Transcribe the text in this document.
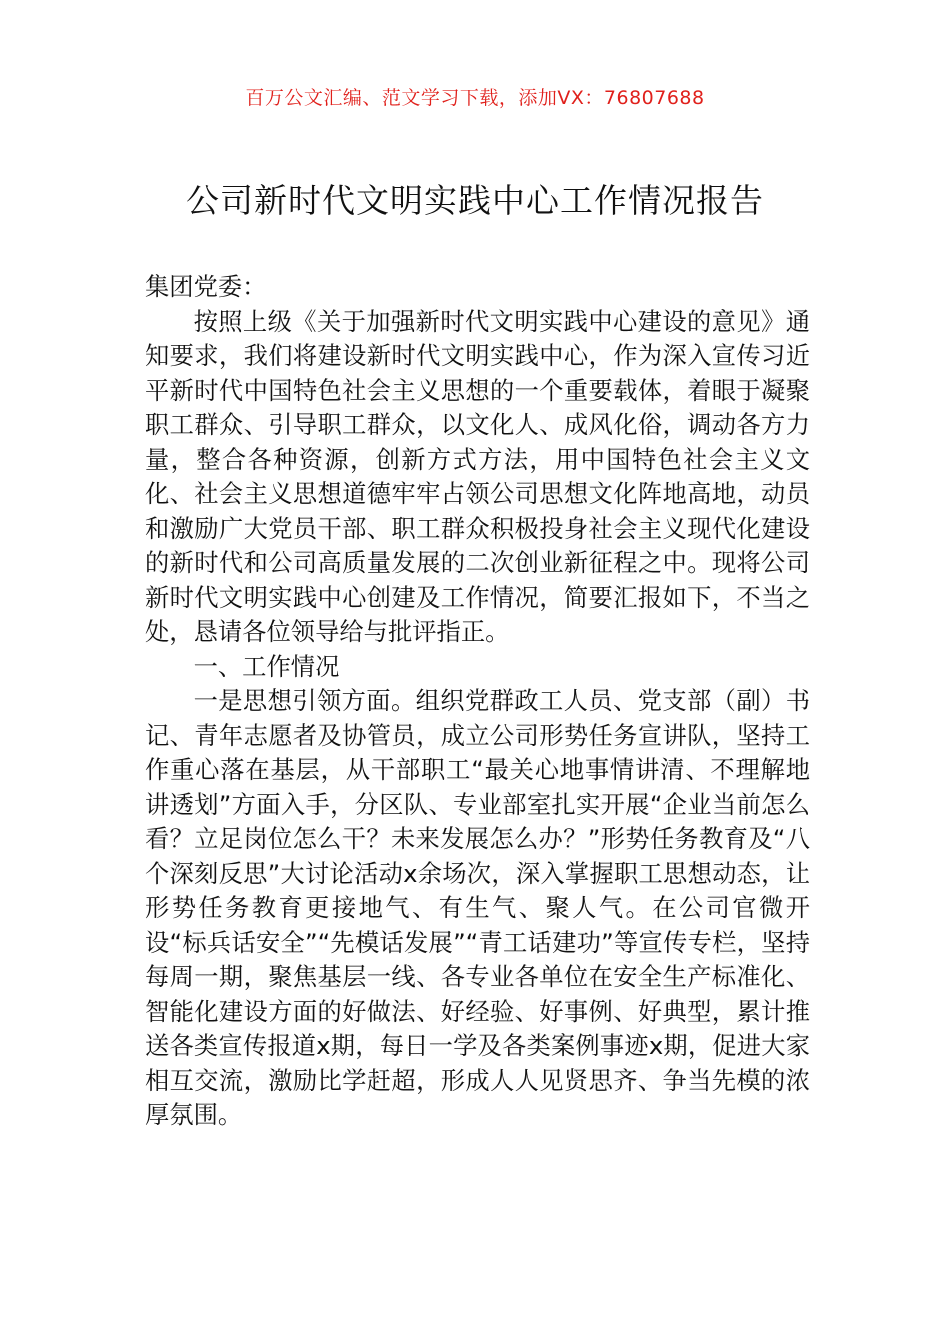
百万公文汇编、范文学习下载，添加VX：76807688
公司新时代文明实践中心工作情况报告

集团党委：

按照上级《关于加强新时代文明实践中心建设的意见》通知要求，我们将建设新时代文明实践中心，作为深入宣传习近平新时代中国特色社会主义思想的一个重要载体，着眼于凝聚职工群众、引导职工群众，以文化人、成风化俗，调动各方力量，整合各种资源，创新方式方法，用中国特色社会主义文化、社会主义思想道德牢牢占领公司思想文化阵地高地，动员和激励广大党员干部、职工群众积极投身社会主义现代化建设的新时代和公司高质量发展的二次创业新征程之中。现将公司新时代文明实践中心创建及工作情况，简要汇报如下，不当之处，恳请各位领导给与批评指正。

一、工作情况

一是思想引领方面。组织党群政工人员、党支部（副）书记、青年志愿者及协管员，成立公司形势任务宣讲队，坚持工作重心落在基层，从干部职工“最关心地事情讲清、不理解地讲透划”方面入手，分区队、专业部室扎实开展“企业当前怎么看？立足岗位怎么干？未来发展怎么办？”形势任务教育及“八个深刻反思”大讨论活动x余场次，深入掌握职工思想动态，让形势任务教育更接地气、有生气、聚人气。在公司官微开设“标兵话安全”“先模话发展”“青工话建功”等宣传专栏，坚持每周一期，聚焦基层一线、各专业各单位在安全生产标准化、智能化建设方面的好做法、好经验、好事例、好典型，累计推送各类宣传报道x期，每日一学及各类案例事迹x期，促进大家相互交流，激励比学赶超，形成人人见贤思齐、争当先模的浓厚氛围。
